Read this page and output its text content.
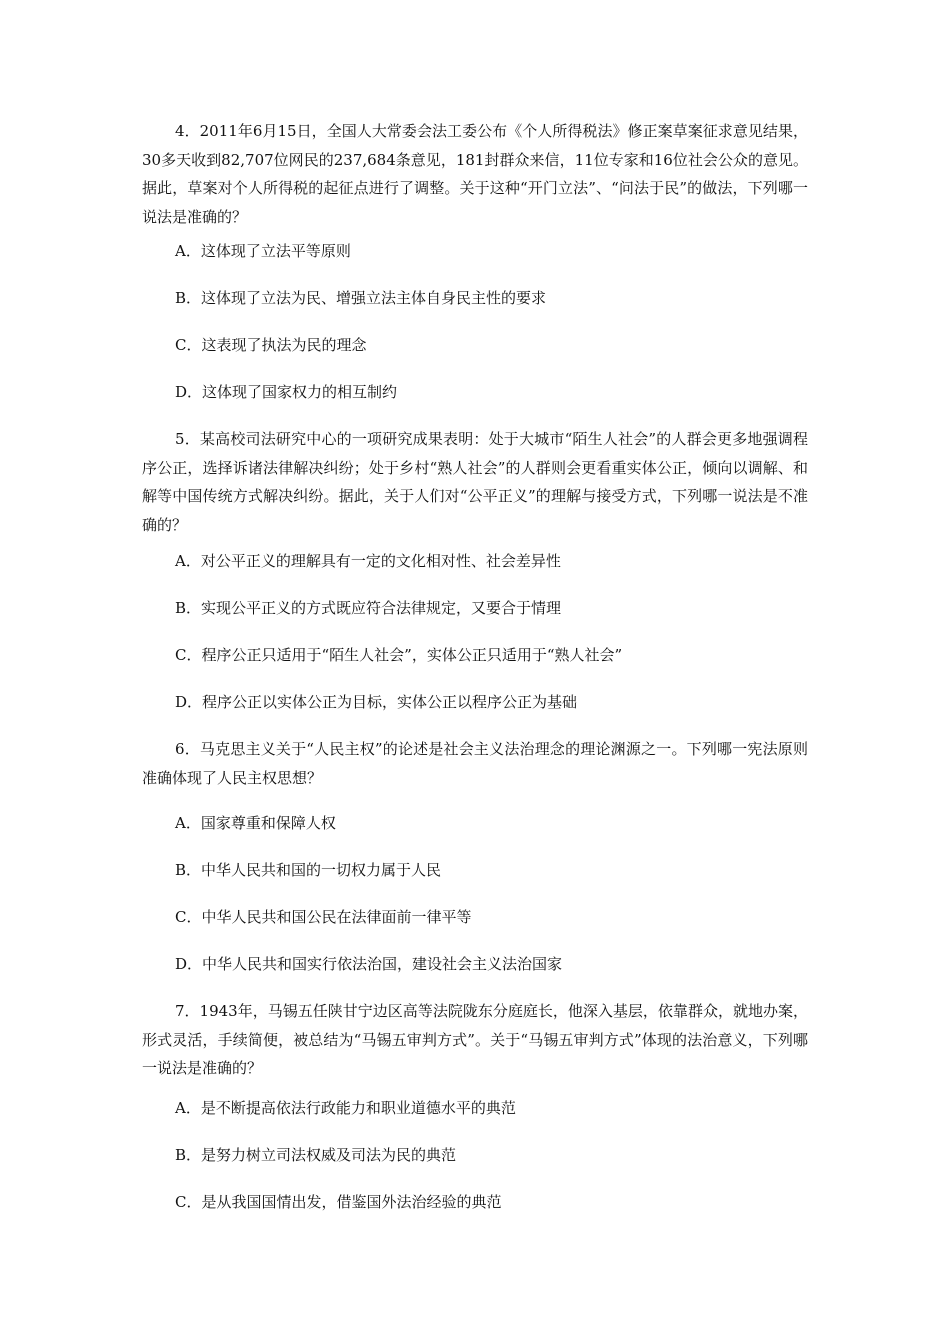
4．2011年6月15日，全国人大常委会法工委公布《个人所得税法》修正案草案征求意见结果，30多天收到82,707位网民的237,684条意见，181封群众来信，11位专家和16位社会公众的意见。据此，草案对个人所得税的起征点进行了调整。关于这种“开门立法”、“问法于民”的做法，下列哪一说法是准确的？

A．这体现了立法平等原则

B．这体现了立法为民、增强立法主体自身民主性的要求

C．这表现了执法为民的理念

D．这体现了国家权力的相互制约

5．某高校司法研究中心的一项研究成果表明：处于大城市“陌生人社会”的人群会更多地强调程序公正，选择诉诸法律解决纠纷；处于乡村“熟人社会”的人群则会更看重实体公正，倾向以调解、和解等中国传统方式解决纠纷。据此，关于人们对“公平正义”的理解与接受方式，下列哪一说法是不准确的？

A．对公平正义的理解具有一定的文化相对性、社会差异性

B．实现公平正义的方式既应符合法律规定，又要合于情理

C．程序公正只适用于“陌生人社会”，实体公正只适用于“熟人社会”

D．程序公正以实体公正为目标，实体公正以程序公正为基础

6．马克思主义关于“人民主权”的论述是社会主义法治理念的理论渊源之一。下列哪一宪法原则准确体现了人民主权思想？

A．国家尊重和保障人权

B．中华人民共和国的一切权力属于人民

C．中华人民共和国公民在法律面前一律平等

D．中华人民共和国实行依法治国，建设社会主义法治国家

7．1943年，马锡五任陕甘宁边区高等法院陇东分庭庭长，他深入基层，依靠群众，就地办案，形式灵活，手续简便，被总结为“马锡五审判方式”。关于“马锡五审判方式”体现的法治意义，下列哪一说法是准确的？

A．是不断提高依法行政能力和职业道德水平的典范

B．是努力树立司法权威及司法为民的典范

C．是从我国国情出发，借鉴国外法治经验的典范
